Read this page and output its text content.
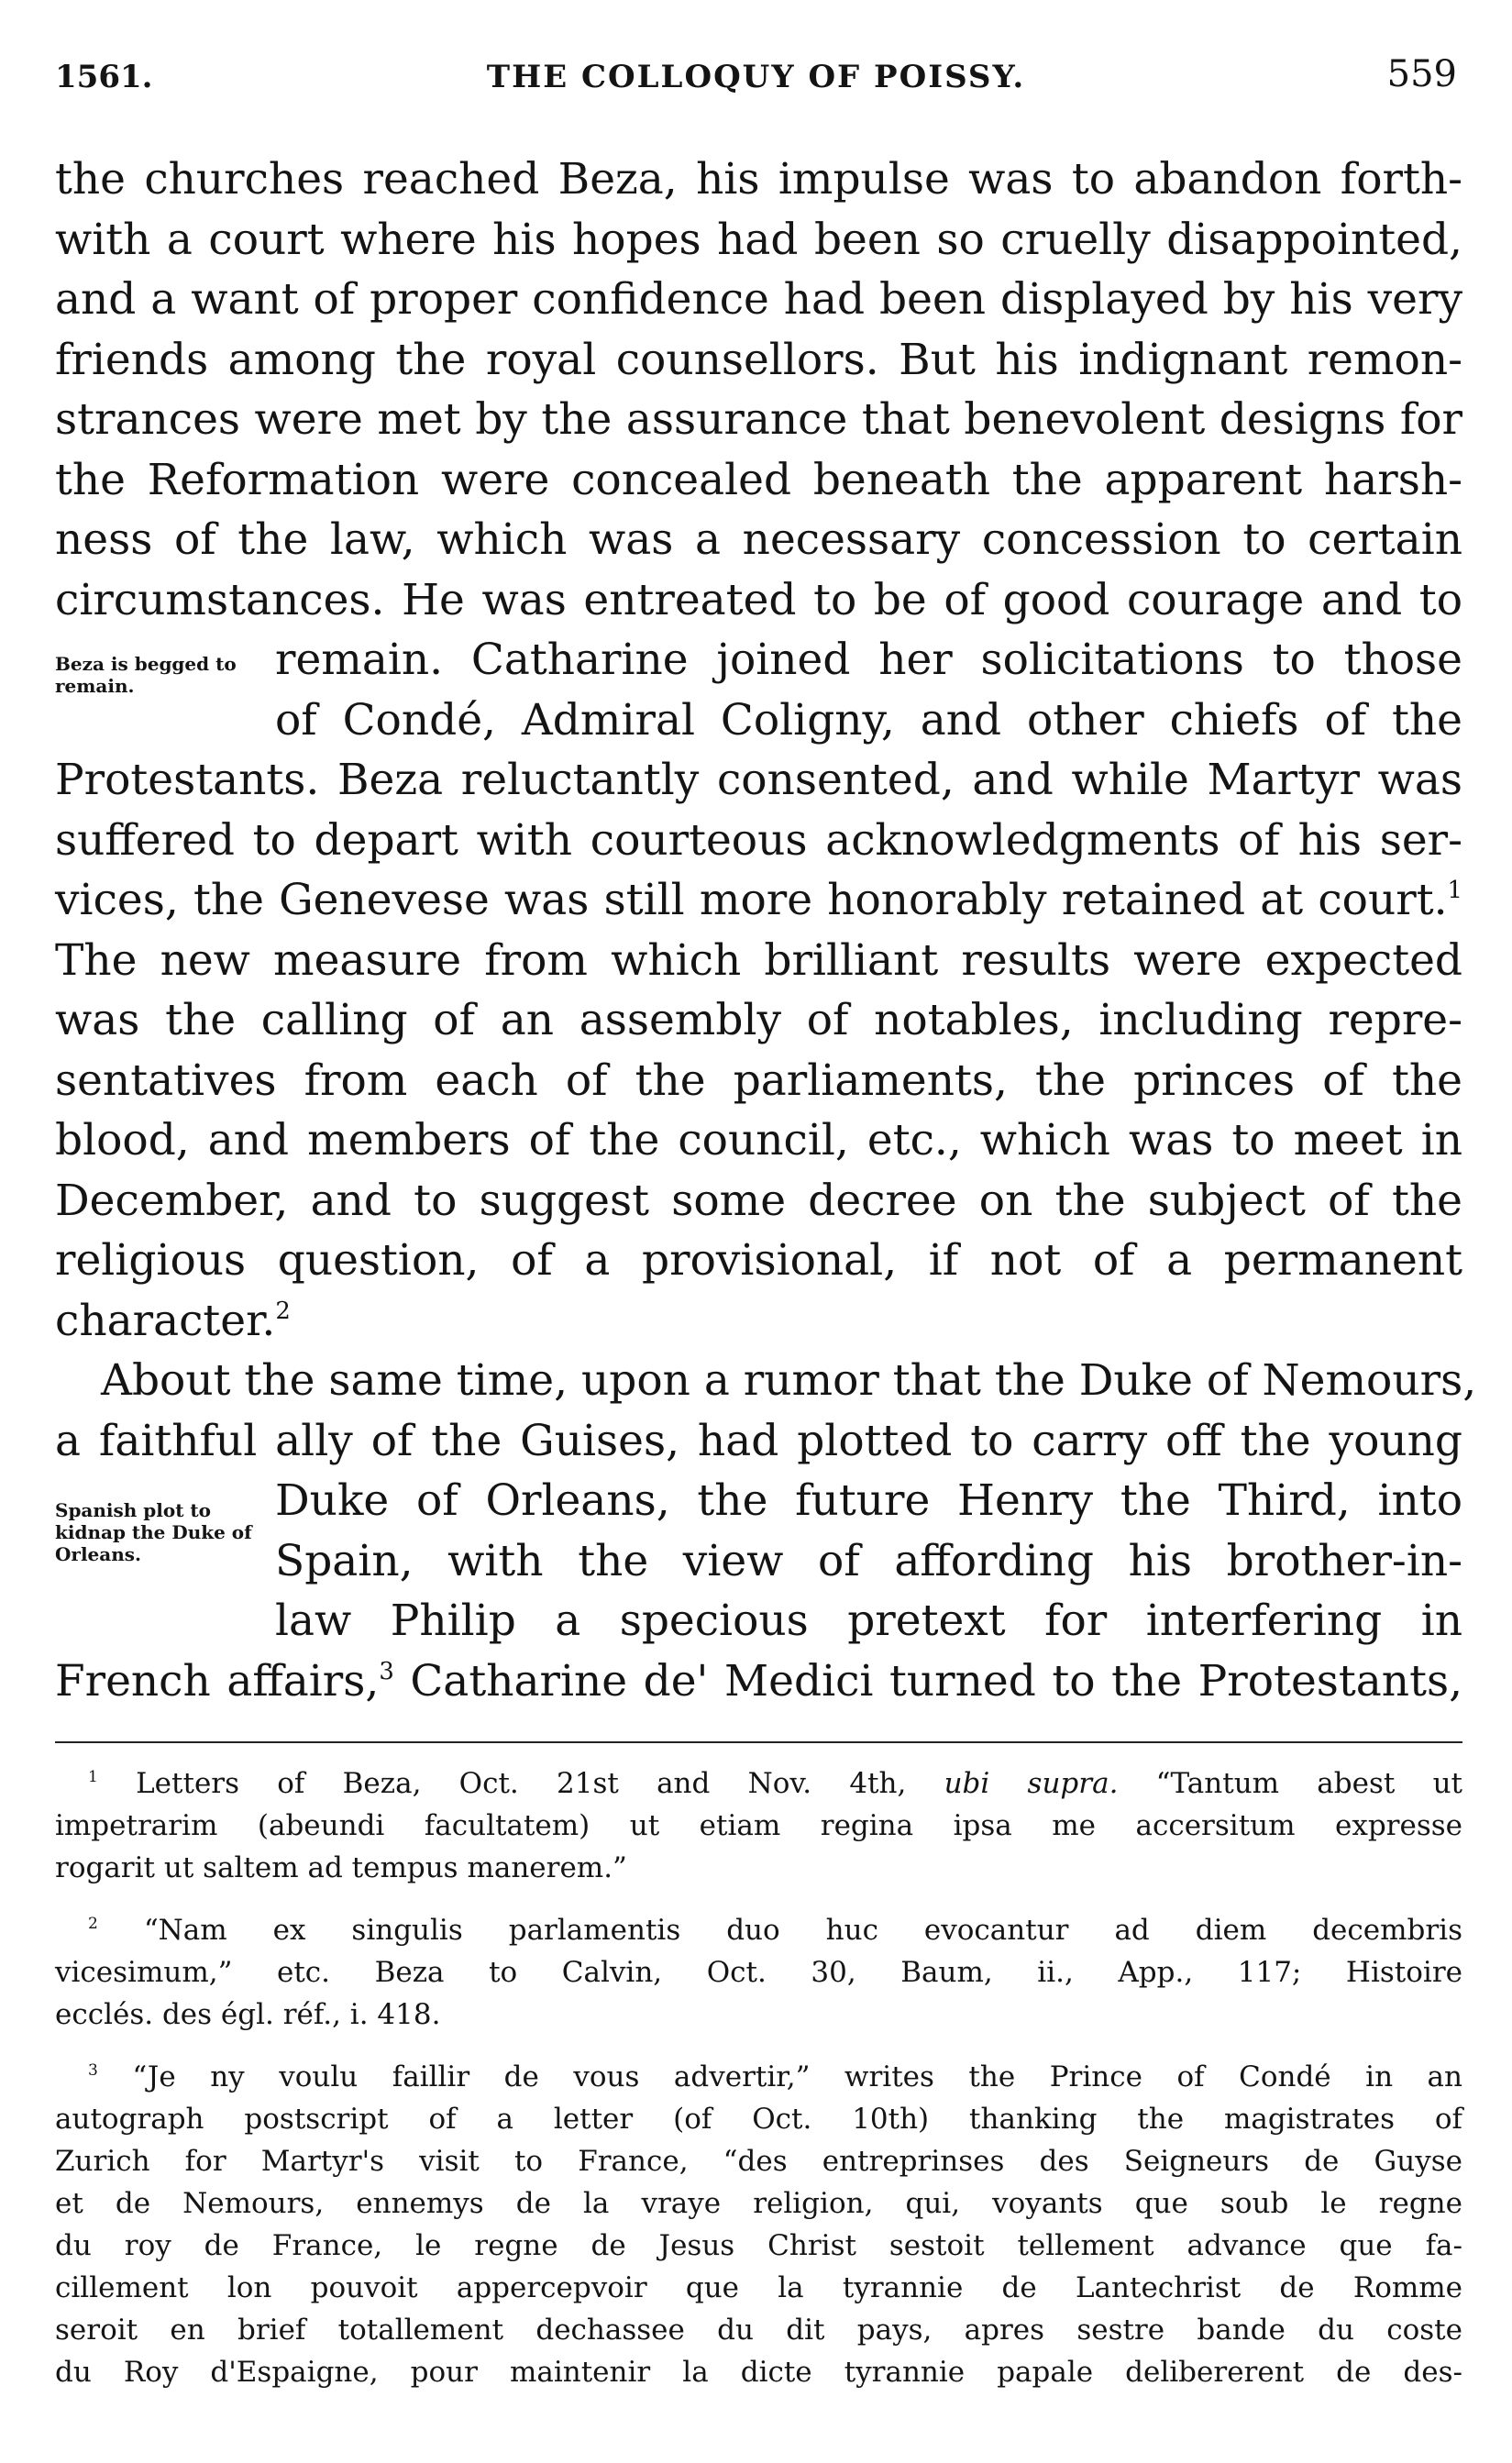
1561.	THE COLLOQUY OF POISSY.	559
Beza is begged to remain.
Spanish plot to kidnap the Duke of Orleans.
the churches reached Beza, his impulse was to abandon forth-
with a court where his hopes had been so cruelly disappointed,
and a want of proper confidence had been displayed by his very
friends among the royal counsellors. But his indignant remon-
strances were met by the assurance that benevolent designs for
the Reformation were concealed beneath the apparent harsh-
ness of the law, which was a necessary concession to certain
circumstances. He was entreated to be of good courage and to
remain. Catharine joined her solicitations to those
of Condé, Admiral Coligny, and other chiefs of the
Protestants. Beza reluctantly consented, and while Martyr was
suffered to depart with courteous acknowledgments of his ser-
vices, the Genevese was still more honorably retained at court.$^1$
The new measure from which brilliant results were expected
was the calling of an assembly of notables, including repre-
sentatives from each of the parliaments, the princes of the
blood, and members of the council, etc., which was to meet in
December, and to suggest some decree on the subject of the
religious question, of a provisional, if not of a permanent
character.$^2$
About the same time, upon a rumor that the Duke of Nemours,
a faithful ally of the Guises, had plotted to carry off the young
Duke of Orleans, the future Henry the Third, into
Spain, with the view of affording his brother-in-
law Philip a specious pretext for interfering in
French affairs,$^3$ Catharine de' Medici turned to the Protestants,
$^1$ Letters of Beza, Oct. 21st and Nov. 4th, ubi supra. “Tantum abest ut
impetrarim (abeundi facultatem) ut etiam regina ipsa me accersitum expresse
rogarit ut saltem ad tempus manerem.”
$^2$ “Nam ex singulis parlamentis duo huc evocantur ad diem decembris
vicesimum,” etc. Beza to Calvin, Oct. 30, Baum, ii., App., 117; Histoire
ecclés. des égl. réf., i. 418.
$^3$ “Je ny voulu faillir de vous advertir,” writes the Prince of Condé in an
autograph postscript of a letter (of Oct. 10th) thanking the magistrates of
Zurich for Martyr's visit to France, “des entreprinses des Seigneurs de Guyse
et de Nemours, ennemys de la vraye religion, qui, voyants que soub le regne
du roy de France, le regne de Jesus Christ sestoit tellement advance que fa-
cillement lon pouvoit appercepvoir que la tyrannie de Lantechrist de Romme
seroit en brief totallement dechassee du dit pays, apres sestre bande du coste
du Roy d'Espaigne, pour maintenir la dicte tyrannie papale delibererent de des-
